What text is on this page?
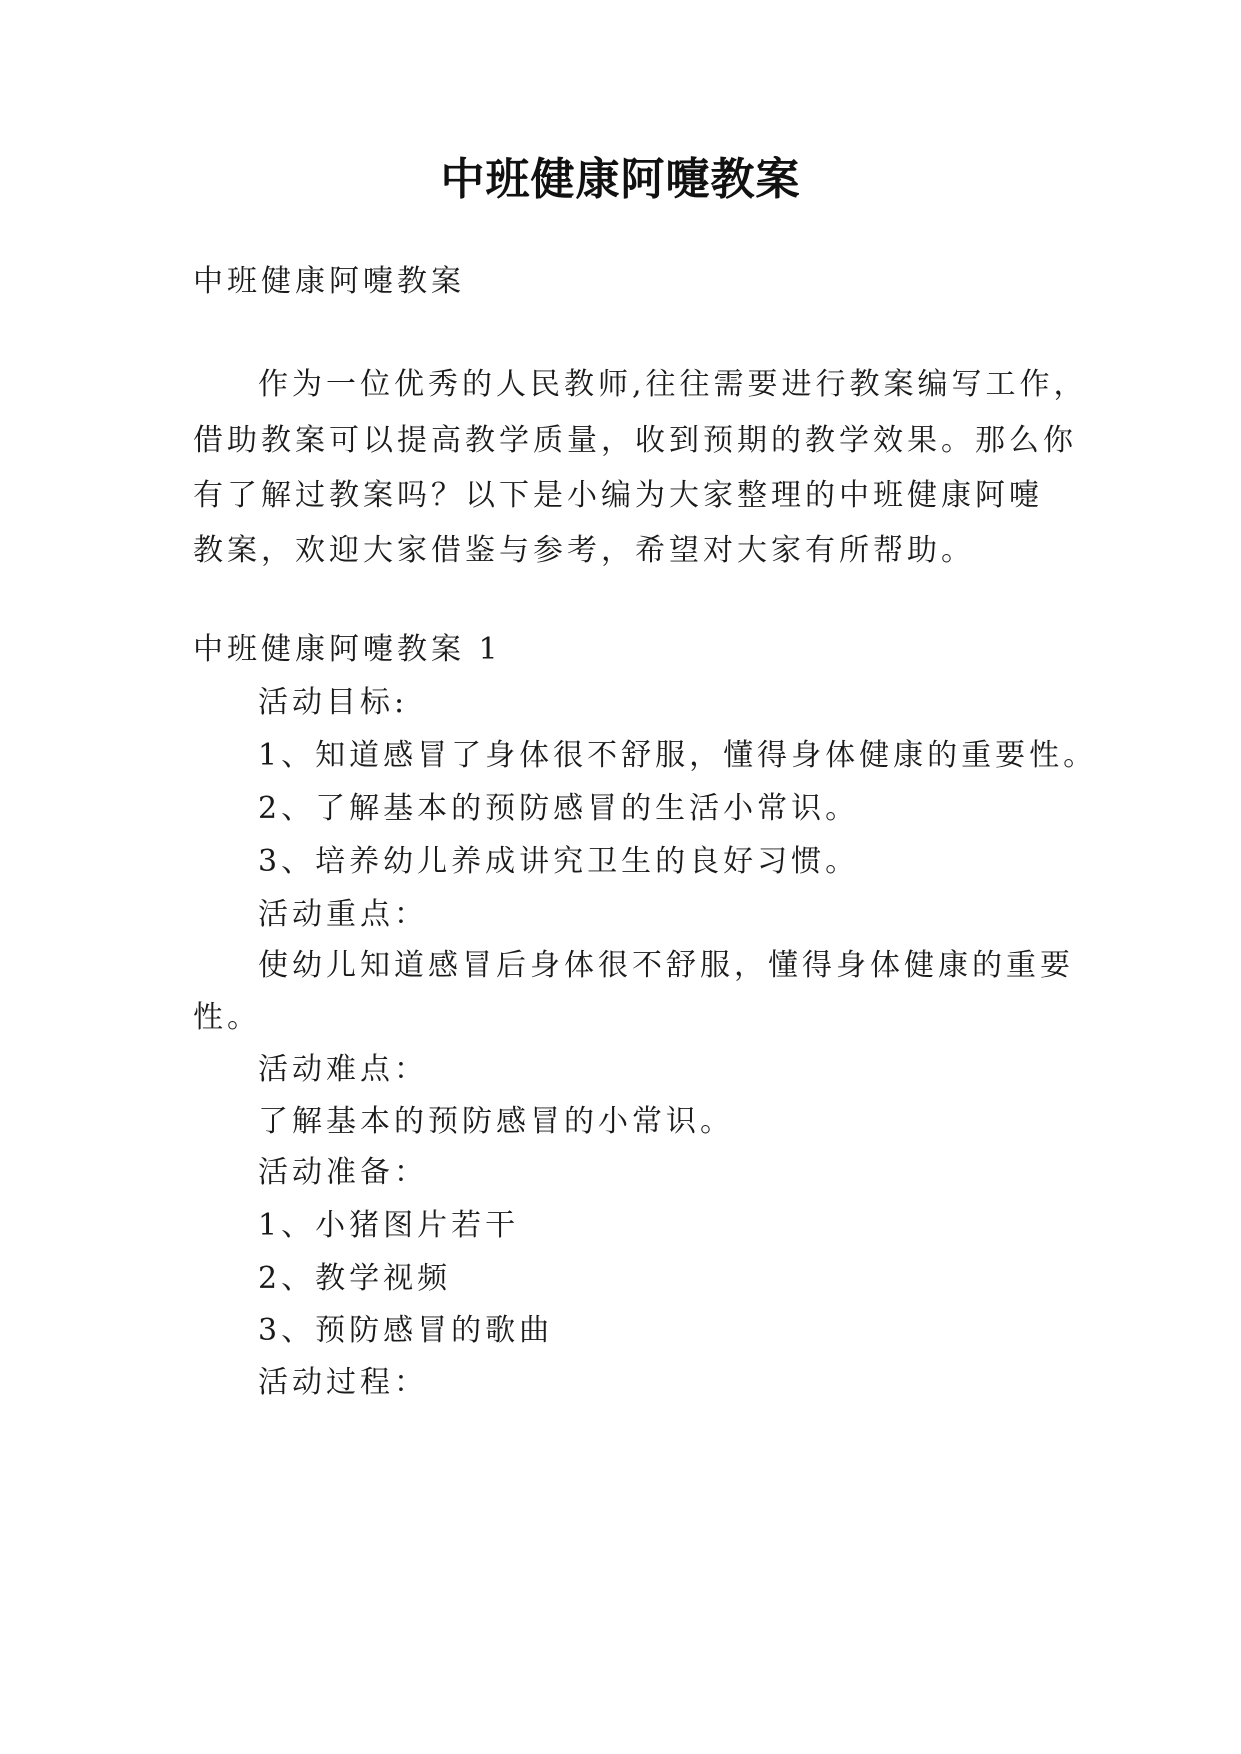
中班健康阿嚏教案
中班健康阿嚏教案
作为一位优秀的人民教师,往往需要进行教案编写工作，
借助教案可以提高教学质量，收到预期的教学效果。那么你
有了解过教案吗？以下是小编为大家整理的中班健康阿嚏
教案，欢迎大家借鉴与参考，希望对大家有所帮助。
中班健康阿嚏教案 1
活动目标:
1、知道感冒了身体很不舒服，懂得身体健康的重要性。
2、了解基本的预防感冒的生活小常识。
3、培养幼儿养成讲究卫生的良好习惯。
活动重点：
使幼儿知道感冒后身体很不舒服，懂得身体健康的重要
性。
活动难点：
了解基本的预防感冒的小常识。
活动准备：
1、小猪图片若干
2、教学视频
3、预防感冒的歌曲
活动过程：
